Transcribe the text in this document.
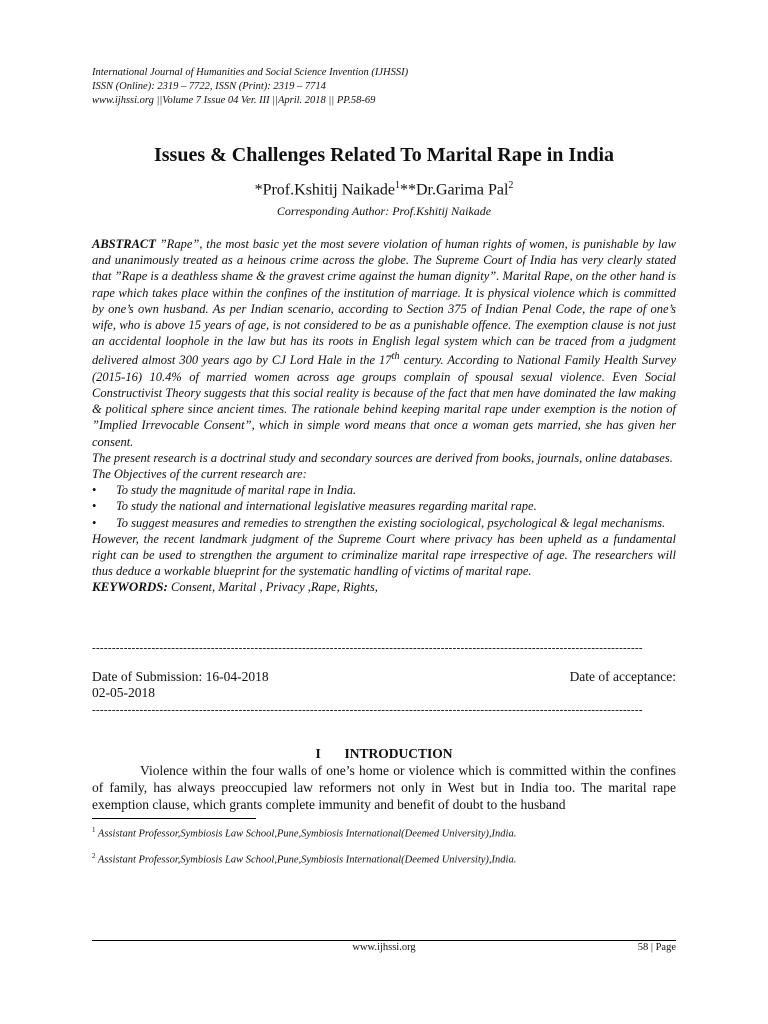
International Journal of Humanities and Social Science Invention (IJHSSI)
ISSN (Online): 2319 – 7722, ISSN (Print): 2319 – 7714
www.ijhssi.org ||Volume 7 Issue 04 Ver. III ||April. 2018 || PP.58-69
Issues & Challenges Related To Marital Rape in India
*Prof.Kshitij Naikade$^1$**Dr.Garima Pal$^2$
Corresponding Author: Prof.Kshitij Naikade

ABSTRACT ”Rape”, the most basic yet the most severe violation of human rights of women, is punishable by law and unanimously treated as a heinous crime across the globe. The Supreme Court of India has very clearly stated that ”Rape is a deathless shame & the gravest crime against the human dignity”. Marital Rape, on the other hand is rape which takes place within the confines of the institution of marriage. It is physical violence which is committed by one’s own husband. As per Indian scenario, according to Section 375 of Indian Penal Code, the rape of one’s wife, who is above 15 years of age, is not considered to be as a punishable offence. The exemption clause is not just an accidental loophole in the law but has its roots in English legal system which can be traced from a judgment delivered almost 300 years ago by CJ Lord Hale in the 17th century. According to National Family Health Survey (2015-16) 10.4% of married women across age groups complain of spousal sexual violence. Even Social Constructivist Theory suggests that this social reality is because of the fact that men have dominated the law making & political sphere since ancient times. The rationale behind keeping marital rape under exemption is the notion of ”Implied Irrevocable Consent”, which in simple word means that once a woman gets married, she has given her consent.

The present research is a doctrinal study and secondary sources are derived from books, journals, online databases.

The Objectives of the current research are:

• To study the magnitude of marital rape in India.
• To study the national and international legislative measures regarding marital rape.
• To suggest measures and remedies to strengthen the existing sociological, psychological & legal mechanisms.

However, the recent landmark judgment of the Supreme Court where privacy has been upheld as a fundamental right can be used to strengthen the argument to criminalize marital rape irrespective of age. The researchers will thus deduce a workable blueprint for the systematic handling of victims of marital rape.

KEYWORDS: Consent, Marital , Privacy ,Rape, Rights,

-------------------------------------------------------------------------------------------------------------------------------------------
Date of Submission: 16-04-2018	Date of acceptance:
02-05-2018
-------------------------------------------------------------------------------------------------------------------------------------------
I INTRODUCTION
Violence within the four walls of one’s home or violence which is committed within the confines of family, has always preoccupied law reformers not only in West but in India too. The marital rape exemption clause, which grants complete immunity and benefit of doubt to the husband
$^1$ Assistant Professor,Symbiosis Law School,Pune,Symbiosis International(Deemed University),India.
$^2$ Assistant Professor,Symbiosis Law School,Pune,Symbiosis International(Deemed University),India.
www.ijhssi.org	58 | Page
